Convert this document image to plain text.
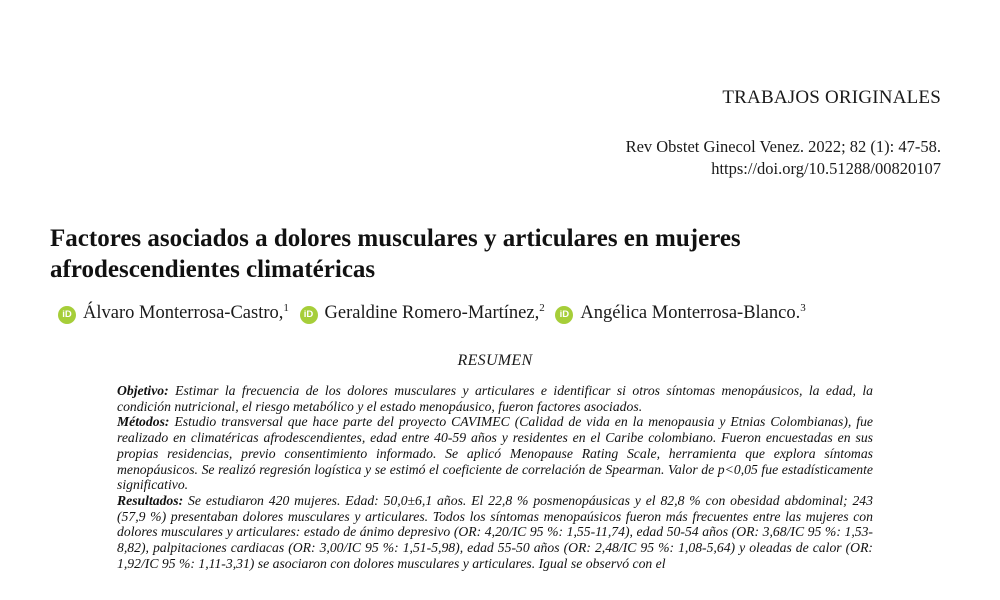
TRABAJOS ORIGINALES
Rev Obstet Ginecol Venez. 2022; 82 (1): 47-58.
https://doi.org/10.51288/00820107
Factores asociados a dolores musculares y articulares en mujeres
afrodescendientes climatéricas
iD Álvaro Monterrosa-Castro,$^1$ iD Geraldine Romero-Martínez,$^2$ iD Angélica Monterrosa-Blanco.$^3$
RESUMEN

Objetivo: Estimar la frecuencia de los dolores musculares y articulares e identificar si otros síntomas menopáusicos, la edad, la condición nutricional, el riesgo metabólico y el estado menopáusico, fueron factores asociados.

Métodos: Estudio transversal que hace parte del proyecto CAVIMEC (Calidad de vida en la menopausia y Etnias Colombianas), fue realizado en climatéricas afrodescendientes, edad entre 40-59 años y residentes en el Caribe colombiano. Fueron encuestadas en sus propias residencias, previo consentimiento informado. Se aplicó Menopause Rating Scale, herramienta que explora síntomas menopáusicos. Se realizó regresión logística y se estimó el coeficiente de correlación de Spearman. Valor de p<0,05 fue estadísticamente significativo.

Resultados: Se estudiaron 420 mujeres. Edad: 50,0±6,1 años. El 22,8 % posmenopáusicas y el 82,8 % con obesidad abdominal; 243 (57,9 %) presentaban dolores musculares y articulares. Todos los síntomas menopaúsicos fueron más frecuentes entre las mujeres con dolores musculares y articulares: estado de ánimo depresivo (OR: 4,20/IC 95 %: 1,55-11,74), edad 50-54 años (OR: 3,68/IC 95 %: 1,53-8,82), palpitaciones cardiacas (OR: 3,00/IC 95 %: 1,51-5,98), edad 55-50 años (OR: 2,48/IC 95 %: 1,08-5,64) y oleadas de calor (OR: 1,92/IC 95 %: 1,11-3,31) se asociaron con dolores musculares y articulares. Igual se observó con el
